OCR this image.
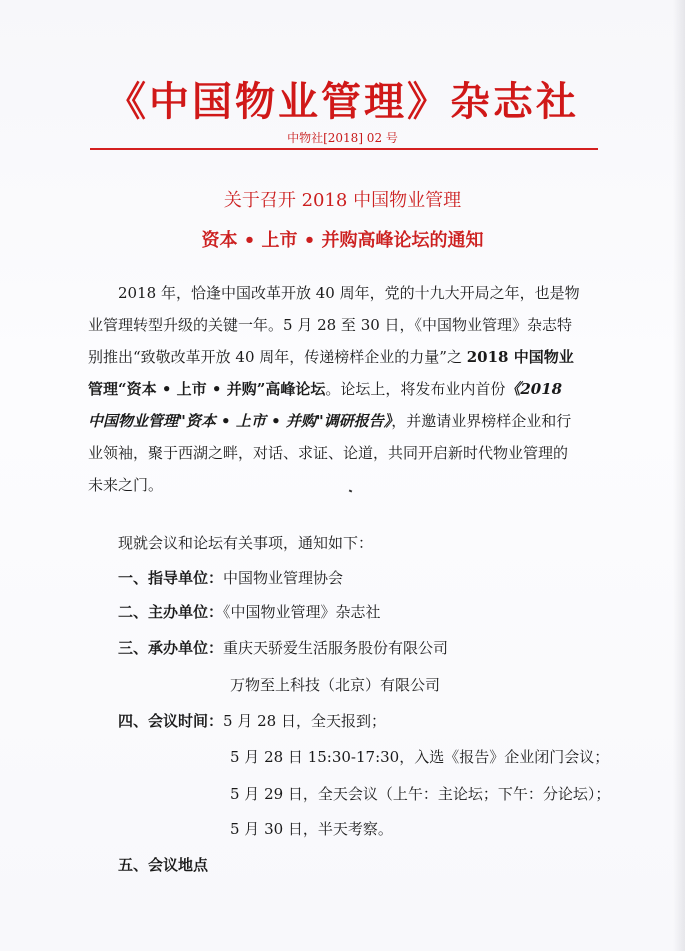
《中国物业管理》杂志社
中物社[2018] 02 号
关于召开 2018 中国物业管理
资本 • 上市 • 并购高峰论坛的通知
2018 年，恰逢中国改革开放 40 周年，党的十九大开局之年，也是物
业管理转型升级的关键一年。5 月 28 至 30 日，《中国物业管理》杂志特
别推出“致敬改革开放 40 周年，传递榜样企业的力量”之 2018 中国物业
管理“资本 • 上市 • 并购”高峰论坛。论坛上，将发布业内首份《2018
中国物业管理"资本 • 上市 • 并购"调研报告》，并邀请业界榜样企业和行
业领袖，聚于西湖之畔，对话、求证、论道，共同开启新时代物业管理的
未来之门。
现就会议和论坛有关事项，通知如下：
一、指导单位：中国物业管理协会
二、主办单位：《中国物业管理》杂志社
三、承办单位：重庆天骄爱生活服务股份有限公司
万物至上科技（北京）有限公司
四、会议时间：5 月 28 日，全天报到；
5 月 28 日 15:30-17:30，入选《报告》企业闭门会议；
5 月 29 日，全天会议（上午：主论坛；下午：分论坛）；
5 月 30 日，半天考察。
五、会议地点
